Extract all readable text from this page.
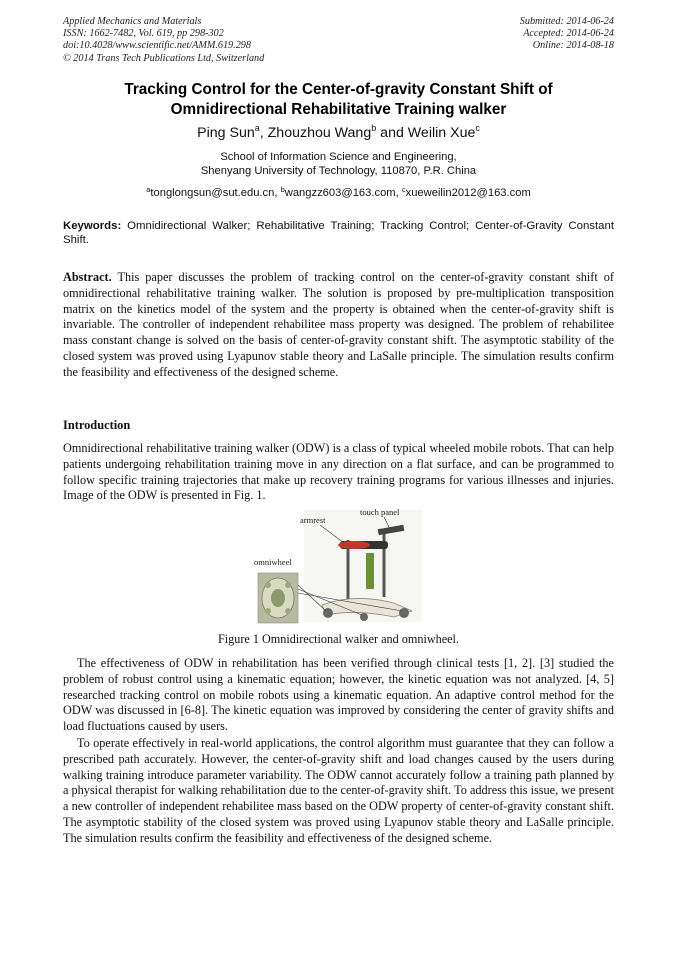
Applied Mechanics and Materials
ISSN: 1662-7482, Vol. 619, pp 298-302
doi:10.4028/www.scientific.net/AMM.619.298
© 2014 Trans Tech Publications Ltd, Switzerland
Submitted: 2014-06-24
Accepted: 2014-06-24
Online: 2014-08-18
Tracking Control for the Center-of-gravity Constant Shift of
Omnidirectional Rehabilitative Training walker
Ping Sun$^a$, Zhouzhou Wang$^b$ and Weilin Xue$^c$
School of Information Science and Engineering,
Shenyang University of Technology, 110870, P.R. China
$^a$tonglongsun@sut.edu.cn, $^b$wangzz603@163.com, $^c$xueweilin2012@163.com
Keywords: Omnidirectional Walker; Rehabilitative Training; Tracking Control; Center-of-Gravity Constant Shift.
Abstract. This paper discusses the problem of tracking control on the center-of-gravity constant shift of omnidirectional rehabilitative training walker. The solution is proposed by pre-multiplication transposition matrix on the kinetics model of the system and the property is obtained when the center-of-gravity shift is invariable. The controller of independent rehabilitee mass property was designed. The problem of rehabilitee mass constant change is solved on the basis of center-of-gravity constant shift. The asymptotic stability of the closed system was proved using Lyapunov stable theory and LaSalle principle. The simulation results confirm the feasibility and effectiveness of the designed scheme.
Introduction
Omnidirectional rehabilitative training walker (ODW) is a class of typical wheeled mobile robots. That can help patients undergoing rehabilitation training move in any direction on a flat surface, and can be programmed to follow specific training trajectories that make up recovery training programs for various illnesses and injuries. Image of the ODW is presented in Fig. 1.
armrest
touch panel
omniwheel
Figure 1 Omnidirectional walker and omniwheel.
The effectiveness of ODW in rehabilitation has been verified through clinical tests [1, 2]. [3] studied the problem of robust control using a kinematic equation; however, the kinetic equation was not analyzed. [4, 5] researched tracking control on mobile robots using a kinematic equation. An adaptive control method for the ODW was discussed in [6-8]. The kinetic equation was improved by considering the center of gravity shifts and load fluctuations caused by users.
To operate effectively in real-world applications, the control algorithm must guarantee that they can follow a prescribed path accurately. However, the center-of-gravity shift and load changes caused by the users during walking training introduce parameter variability. The ODW cannot accurately follow a training path planned by a physical therapist for walking rehabilitation due to the center-of-gravity shift. To address this issue, we present a new controller of independent rehabilitee mass based on the ODW property of center-of-gravity constant shift. The asymptotic stability of the closed system was proved using Lyapunov stable theory and LaSalle principle. The simulation results confirm the feasibility and effectiveness of the designed scheme.
